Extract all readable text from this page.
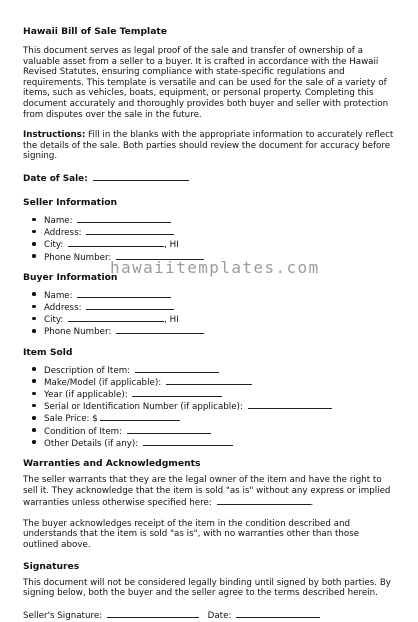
Hawaii Bill of Sale Template

This document serves as legal proof of the sale and transfer of ownership of a valuable asset from a seller to a buyer. It is crafted in accordance with the Hawaii Revised Statutes, ensuring compliance with state-specific regulations and requirements. This template is versatile and can be used for the sale of a variety of items, such as vehicles, boats, equipment, or personal property. Completing this document accurately and thoroughly provides both buyer and seller with protection from disputes over the sale in the future.

Instructions: Fill in the blanks with the appropriate information to accurately reflect the details of the sale. Both parties should review the document for accuracy before signing.

Date of Sale:
Seller Information
Name:
Address:
City:	, HI
Phone Number:
Buyer Information
Name:
Address:
City:	, HI
Phone Number:
Item Sold
Description of Item:
Make/Model (if applicable):
Year (if applicable):
Serial or Identification Number (if applicable):
Sale Price: $
Condition of Item:
Other Details (if any):
Warranties and Acknowledgments

The seller warrants that they are the legal owner of the item and have the right to sell it. They acknowledge that the item is sold "as is" without any express or implied warranties unless otherwise specified here:	.

The buyer acknowledges receipt of the item in the condition described and understands that the item is sold "as is", with no warranties other than those outlined above.

Signatures

This document will not be considered legally binding until signed by both parties. By signing below, both the buyer and the seller agree to the terms described herein.

Seller's Signature:	Date:
hawaiitemplates.com
